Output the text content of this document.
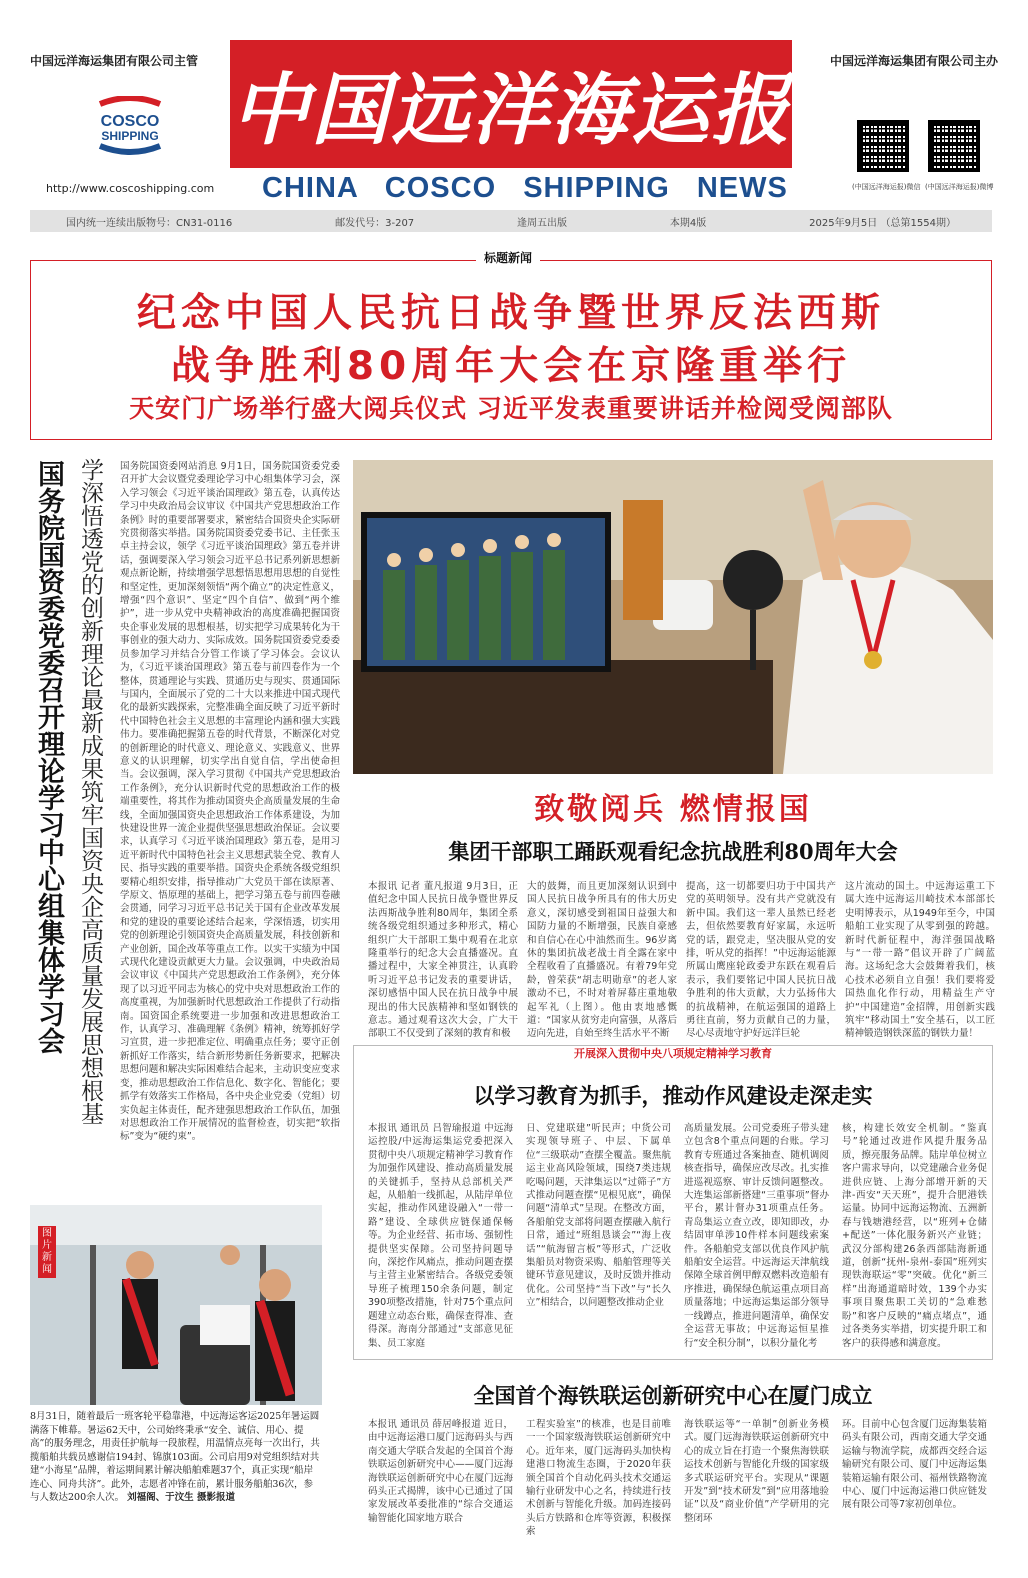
中国远洋海运集团有限公司主管	中国远洋海运集团有限公司主办
COSCO
SHIPPING
http://www.coscoshipping.com
中国远洋海运报
CHINA COSCO SHIPPING NEWS	(中国远洋海运报)微信 (中国远洋海运报)微博
国内统一连续出版物号：CN31-0116	邮发代号：3-207	逢周五出版	本期4版	2025年9月5日 （总第1554期）
标题新闻
纪念中国人民抗日战争暨世界反法西斯
战争胜利80周年大会在京隆重举行
天安门广场举行盛大阅兵仪式 习近平发表重要讲话并检阅受阅部队
国务院国资委党委召开理论学习中心组集体学习会 学深悟透党的创新理论最新成果筑牢国资央企高质量发展思想根基 国务院国资委网站消息 9月1日，国务院国资委党委召开扩大会议暨党委理论学习中心组集体学习会，深入学习领会《习近平谈治国理政》第五卷，认真传达学习中央政治局会议审议《中国共产党思想政治工作条例》时的重要部署要求，紧密结合国资央企实际研究贯彻落实举措。国务院国资委党委书记、主任张玉卓主持会议，领学《习近平谈治国理政》第五卷并讲话，强调要深入学习领会习近平总书记系列新思想新观点新论断，持续增强学思想悟思想用思想的自觉性和坚定性，更加深刻领悟“两个确立”的决定性意义，增强“四个意识”、坚定“四个自信”、做到“两个维护”，进一步从党中央精神政治的高度准确把握国资央企事业发展的思想根基，切实把学习成果转化为干事创业的强大动力、实际成效。国务院国资委党委委员参加学习并结合分管工作谈了学习体会。会议认为，《习近平谈治国理政》第五卷与前四卷作为一个整体，贯通理论与实践、贯通历史与现实、贯通国际与国内，全面展示了党的二十大以来推进中国式现代化的最新实践探索，完整准确全面反映了习近平新时代中国特色社会主义思想的丰富理论内涵和强大实践伟力。要准确把握第五卷的时代背景，不断深化对党的创新理论的时代意义、理论意义、实践意义、世界意义的认识理解，切实学出自觉自信，学出使命担当。会议强调，深入学习贯彻《中国共产党思想政治工作条例》，充分认识新时代党的思想政治工作的极端重要性，将其作为推动国资央企高质量发展的生命线，全面加强国资央企思想政治工作体系建设，为加快建设世界一流企业提供坚强思想政治保证。会议要求，认真学习《习近平谈治国理政》第五卷，是用习近平新时代中国特色社会主义思想武装全党、教育人民、指导实践的重要举措。国资央企系统各级党组织要精心组织安排，指导推动广大党员干部在读原著、学原文、悟原理的基础上，把学习第五卷与前四卷融会贯通，同学习习近平总书记关于国有企业改革发展和党的建设的重要论述结合起来，学深悟透，切实用党的创新理论引领国资央企高质量发展，科技创新和产业创新，国企改革等重点工作。以实干实绩为中国式现代化建设贡献更大力量。会议强调，中央政治局会议审议《中国共产党思想政治工作条例》，充分体现了以习近平同志为核心的党中央对思想政治工作的高度重视，为加强新时代思想政治工作提供了行动指南。国资国企系统要进一步加强和改进思想政治工作，认真学习、准确理解《条例》精神，统筹抓好学习宣贯，进一步把准定位、明确重点任务；要守正创新抓好工作落实，结合新形势新任务新要求，把解决思想问题和解决实际困难结合起来，主动识变应变求变，推动思想政治工作信息化、数字化、智能化；要抓学有效落实工作格局，各中央企业党委（党组）切实负起主体责任，配齐建强思想政治工作队伍，加强对思想政治工作开展情况的监督检查，切实把“软指标”变为“硬约束”。
致敬阅兵 燃情报国
集团干部职工踊跃观看纪念抗战胜利80周年大会
本报讯 记者 董凡报道 9月3日，正值纪念中国人民抗日战争暨世界反法西斯战争胜利80周年，集团全系统各级党组织通过多种形式，精心组织广大干部职工集中观看在北京隆重举行的纪念大会直播盛况。直播过程中，大家全神贯注，认真聆听习近平总书记发表的重要讲话，深切感悟中国人民在抗日战争中展现出的伟大民族精神和坚如钢铁的意志。通过观看这次大会，广大干部职工不仅受到了深刻的教育和极
大的鼓舞，而且更加深刻认识到中国人民抗日战争所具有的伟大历史意义，深切感受到祖国日益强大和国防力量的不断增强，民族自豪感和自信心在心中油然而生。96岁离休的集团抗战老战士肖全露在家中全程收看了直播盛况。有着79年党龄，曾荣获“胡志明勋章”的老人家激动不已，不时对着屏幕庄重地敬起军礼（上图）。他由衷地感慨道：“国家从贫穷走向富强，从落后迈向先进，自始至终生活水平不断
提高，这一切都要归功于中国共产党的英明领导。没有共产党就没有新中国。我们这一辈人虽然已经老去，但依然要教育好家属，永远听党的话，跟党走，坚决服从党的安排，听从党的指挥！”中远海运能源所属山鹰座轮政委尹东跃在观看后表示，我们要铭记中国人民抗日战争胜利的伟大贡献，大力弘扬伟大的抗战精神，在航运强国的道路上勇往直前，努力贡献自己的力量，尽心尽责地守护好远洋巨轮
这片流动的国土。中远海运重工下属大连中远海运川崎技术本部部长史明博表示，从1949年至今，中国船舶工业实现了从零到强的跨越。新时代新征程中，海洋强国战略与“一带一路”倡议开辟了广阔蓝海。这场纪念大会鼓舞着我们，核心技术必须自立自强！我们要将爱国热血化作行动，用精益生产守护“中国建造”金招牌，用创新实践筑牢“移动国土”安全基石，以工匠精神锻造钢铁深蓝的钢铁力量！
开展深入贯彻中央八项规定精神学习教育
以学习教育为抓手，推动作风建设走深走实
本报讯 通讯员 吕智瑜报道 中远海运控股/中远海运集运党委把深入贯彻中央八项规定精神学习教育作为加强作风建设、推动高质量发展的关键抓手，坚持从总部机关严起，从船舶一线抓起，从陆岸单位实起，推动作风建设融入“一带一路”建设、全球供应链保通保畅等。为企业经营、拓市场、强韧性提供坚实保障。公司坚持问题导向，深挖作风痛点，推动问题查摆与主营主业紧密结合。各级党委领导班子梳理150余条问题，制定390项整改措施，针对75个重点问题建立动态台账，确保查得准、查得深。海南分部通过“支部意见征集、员工家庭
日、党建联建”听民声；中货公司实现领导班子、中层、下属单位“三级联动”查摆全覆盖。聚焦航运主业高风险领域，围绕7类违规吃喝问题，天津集运以“过筛子”方式推动问题查摆“见根见底”，确保问题“清单式”呈现。在整改方面，各船舶党支部将问题查摆融入航行日常，通过“班组恳谈会”“海上夜话”“航海留言板”等形式，广泛收集船员对物资采购、船舶管理等关键环节意见建议，及时反馈并推动优化。公司坚持“当下改”与“长久立”相结合，以问题整改推动企业
高质量发展。公司党委班子带头建立包含8个重点问题的台账。学习教育专班通过各案抽查、随机调阅核查指导，确保应改尽改。扎实推进巡视巡察、审计反馈问题整改。大连集运部新搭建“三重事项”督办平台，累计督办31项重点任务。青岛集运立查立改，即知即改，办结固审单涉10件样本问题线索案件。各船舶党支部以优良作风护航船舶安全运营。中远海运天津航线保障全球首例甲醇双燃料改造船有序推进，确保绿色航运重点项目高质量落地；中远海运集运部分领导一线蹲点，推进问题清单，确保安全运营无事故；中远海运恒星推行“安全积分制”，以积分量化考
核，构建长效安全机制。“鉴真号”轮通过改进作风提升服务品质，擦亮服务品牌。陆岸单位树立客户需求导向，以党建融合业务促进供应链、上海分部增开新的天津-西安“天天班”，提升合肥港铁运量。协同中远海运物流、五洲新春与钱塘港经营，以“班列+仓储+配送”一体化服务新兴产业链；武汉分部构建26条西部陆海新通道，创新“抚州-泉州-泰国”班列实现铁海联运“零”突破。优化“新三样”出海通道暗时效，139个办实事项目聚焦职工关切的“急难愁盼”和客户反映的“痛点堵点”，通过各类务实举措，切实提升职工和客户的获得感和满意度。
全国首个海铁联运创新研究中心在厦门成立
本报讯 通讯员 薛居峰报道 近日，由中远海运港口厦门远海码头与西南交通大学联合发起的全国首个海铁联运创新研究中心——厦门远海海铁联运创新研究中心在厦门远海码头正式揭牌，该中心已通过了国家发展改革委批准的“综合交通运输智能化国家地方联合
工程实验室”的核准，也是目前唯一一个国家级海铁联运创新研究中心。近年来，厦门远海码头加快构建港口物流生态圈，于2020年获颁全国首个自动化码头技术交通运输行业研发中心之名，持续进行技术创新与智能化升级。加码连接码头后方铁路和仓库等资源，积极探索
海铁联运等“一单制”创新业务模式。厦门远海海铁联运创新研究中心的成立旨在打造一个聚焦海铁联运技术创新与智能化升级的国家级多式联运研究平台。实现从“课题开发”到“技术研发”到“应用落地验证”以及“商业价值”产学研用的完整闭环
环。目前中心包含厦门远海集装箱码头有限公司，西南交通大学交通运输与物流学院，成都西交经合运输研究有限公司、厦门中远海运集装箱运输有限公司、福州铁路物流中心、厦门中远海运港口供应链发展有限公司等7家初创单位。
图片新闻
8月31日，随着最后一班客轮平稳靠港，中远海运客运2025年暑运圆满落下帷幕。暑运62天中，公司始终秉承“安全、诚信、用心、提高”的服务理念，用责任护航每一段旅程，用温情点亮每一次出行，共揽船舶共载员感谢信194封、锦旗103面。公司启用9对党组织结对共建“小海星”品牌，着运期间累计解决船舶难题37个，真正实现“船岸连心、同舟共济”。此外，志愿者冲锋在前，累计服务船舶36次，参与人数达200余人次。 刘福阁、于汶生 摄影报道
